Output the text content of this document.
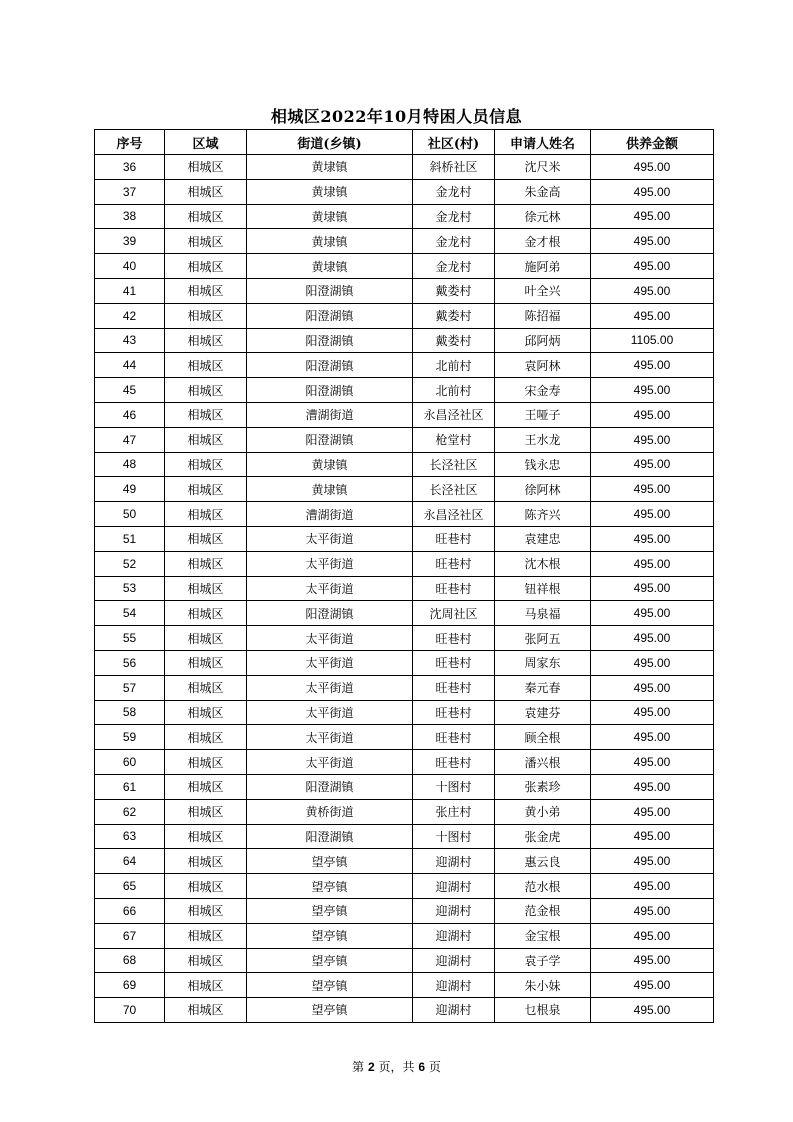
相城区2022年10月特困人员信息
序号	区域	街道(乡镇)	社区(村)	申请人姓名	供养金额
36	相城区	黄埭镇	斜桥社区	沈尺米	495.00
37	相城区	黄埭镇	金龙村	朱金高	495.00
38	相城区	黄埭镇	金龙村	徐元林	495.00
39	相城区	黄埭镇	金龙村	金才根	495.00
40	相城区	黄埭镇	金龙村	施阿弟	495.00
41	相城区	阳澄湖镇	戴娄村	叶全兴	495.00
42	相城区	阳澄湖镇	戴娄村	陈招福	495.00
43	相城区	阳澄湖镇	戴娄村	邱阿炳	1105.00
44	相城区	阳澄湖镇	北前村	袁阿林	495.00
45	相城区	阳澄湖镇	北前村	宋金寿	495.00
46	相城区	漕湖街道	永昌泾社区	王哑子	495.00
47	相城区	阳澄湖镇	枪堂村	王水龙	495.00
48	相城区	黄埭镇	长泾社区	钱永忠	495.00
49	相城区	黄埭镇	长泾社区	徐阿林	495.00
50	相城区	漕湖街道	永昌泾社区	陈齐兴	495.00
51	相城区	太平街道	旺巷村	袁建忠	495.00
52	相城区	太平街道	旺巷村	沈木根	495.00
53	相城区	太平街道	旺巷村	钮祥根	495.00
54	相城区	阳澄湖镇	沈周社区	马泉福	495.00
55	相城区	太平街道	旺巷村	张阿五	495.00
56	相城区	太平街道	旺巷村	周家东	495.00
57	相城区	太平街道	旺巷村	秦元春	495.00
58	相城区	太平街道	旺巷村	袁建芬	495.00
59	相城区	太平街道	旺巷村	顾全根	495.00
60	相城区	太平街道	旺巷村	潘兴根	495.00
61	相城区	阳澄湖镇	十图村	张素珍	495.00
62	相城区	黄桥街道	张庄村	黄小弟	495.00
63	相城区	阳澄湖镇	十图村	张金虎	495.00
64	相城区	望亭镇	迎湖村	惠云良	495.00
65	相城区	望亭镇	迎湖村	范水根	495.00
66	相城区	望亭镇	迎湖村	范金根	495.00
67	相城区	望亭镇	迎湖村	金宝根	495.00
68	相城区	望亭镇	迎湖村	袁子学	495.00
69	相城区	望亭镇	迎湖村	朱小妹	495.00
70	相城区	望亭镇	迎湖村	乜根泉	495.00
第 2 页，共 6 页
